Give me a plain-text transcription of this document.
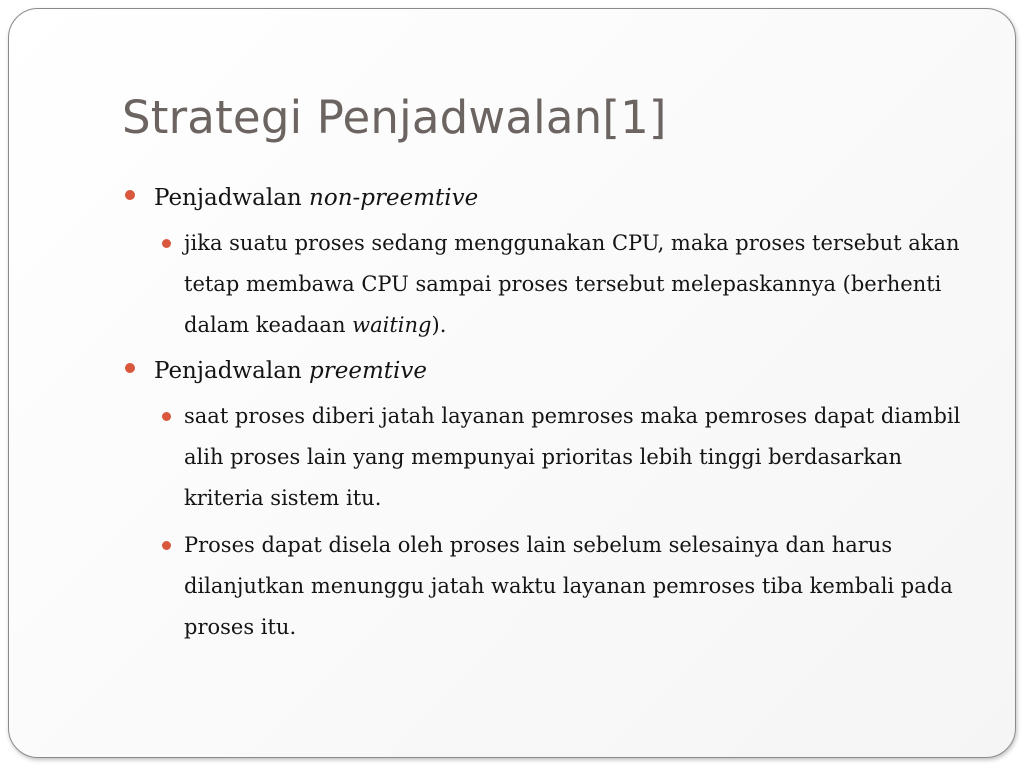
Strategi Penjadwalan[1]
Penjadwalan non-preemtive
jika suatu proses sedang menggunakan CPU, maka proses tersebut akan tetap membawa CPU sampai proses tersebut melepaskannya (berhenti dalam keadaan waiting).
Penjadwalan preemtive
saat proses diberi jatah layanan pemroses maka pemroses dapat diambil alih proses lain yang mempunyai prioritas lebih tinggi berdasarkan kriteria sistem itu.
Proses dapat disela oleh proses lain sebelum selesainya dan harus dilanjutkan menunggu jatah waktu layanan pemroses tiba kembali pada proses itu.
